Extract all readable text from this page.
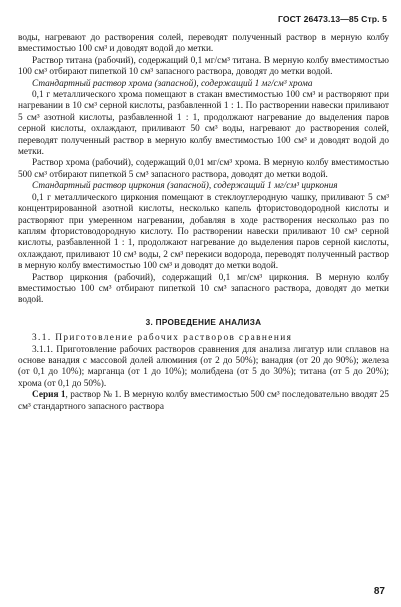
ГОСТ 26473.13—85 Стр. 5

воды, нагревают до растворения солей, переводят полученный раствор в мерную колбу вместимостью 100 см³ и доводят водой до метки.

Раствор титана (рабочий), содержащий 0,1 мг/см³ титана. В мерную колбу вместимостью 100 см³ отбирают пипеткой 10 см³ запасного раствора, доводят до метки водой.

Стандартный раствор хрома (запасной), содержащий 1 мг/см³ хрома

0,1 г металлического хрома помещают в стакан вместимостью 100 см³ и растворяют при нагревании в 10 см³ серной кислоты, разбавленной 1 : 1. По растворении навески приливают 5 см³ азотной кислоты, разбавленной 1 : 1, продолжают нагревание до выделения паров серной кислоты, охлаждают, приливают 50 см³ воды, нагревают до растворения солей, переводят полученный раствор в мерную колбу вместимостью 100 см³ и доводят водой до метки.

Раствор хрома (рабочий), содержащий 0,01 мг/см³ хрома. В мерную колбу вместимостью 500 см³ отбирают пипеткой 5 см³ запасного раствора, доводят до метки водой.

Стандартный раствор циркония (запасной), содержащий 1 мг/см³ циркония

0,1 г металлического циркония помещают в стеклоуглеродную чашку, приливают 5 см³ концентрированной азотной кислоты, несколько капель фтористоводородной кислоты и растворяют при умеренном нагревании, добавляя в ходе растворения несколько раз по каплям фтористоводородную кислоту. По растворении навески приливают 10 см³ серной кислоты, разбавленной 1 : 1, продолжают нагревание до выделения паров серной кислоты, охлаждают, приливают 10 см³ воды, 2 см³ перекиси водорода, переводят полученный раствор в мерную колбу вместимостью 100 см³ и доводят до метки водой.

Раствор циркония (рабочий), содержащий 0,1 мг/см³ циркония. В мерную колбу вместимостью 100 см³ отбирают пипеткой 10 см³ запасного раствора, доводят до метки водой.

3. ПРОВЕДЕНИЕ АНАЛИЗА

3.1. Приготовление рабочих растворов сравнения

3.1.1. Приготовление рабочих растворов сравнения для анализа лигатур или сплавов на основе ванадия с массовой долей алюминия (от 2 до 50%); ванадия (от 20 до 90%); железа (от 0,1 до 10%); марганца (от 1 до 10%); молибдена (от 5 до 30%); титана (от 5 до 20%); хрома (от 0,1 до 50%).

Серия 1, раствор № 1. В мерную колбу вместимостью 500 см³ последовательно вводят 25 см³ стандартного запасного раствора

87
